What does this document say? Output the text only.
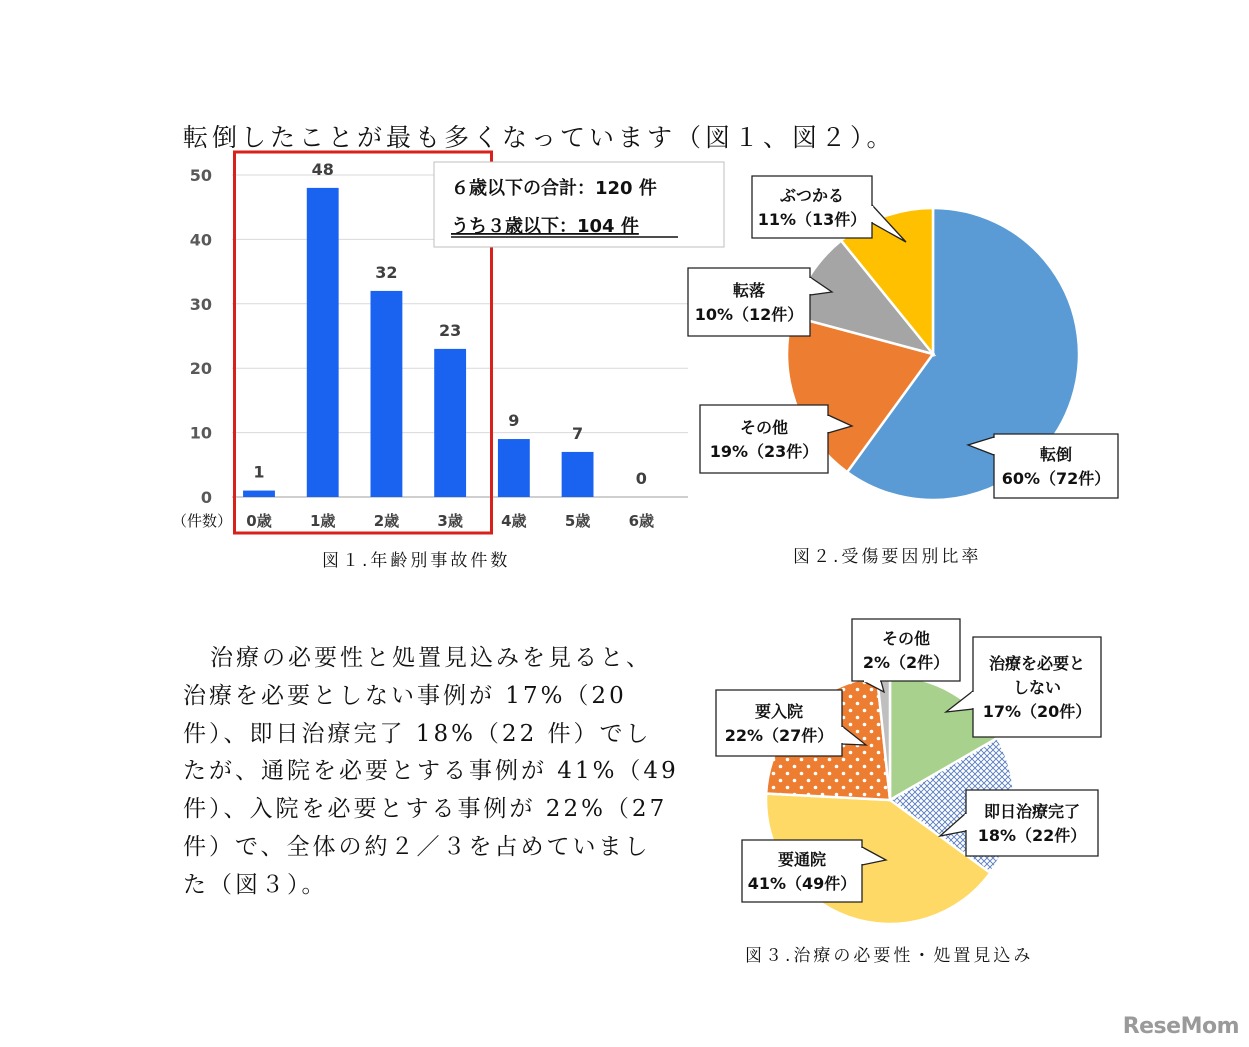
転倒したことが最も多くなっています（図１、図２）。
0
10
20
30
40
50
1
0歳
48
1歳
32
2歳
23
3歳
9
4歳
7
5歳
0
6歳
６歳以下の合計：120 件
うち３歳以下：104 件
（件数）
ぶつかる
11%（13件）
転落
10%（12件）
その他
19%（23件）	転倒
60%（72件）
その他
2%（2件） 治療を必要と
しない
17%（20件）
要入院
22%（27件）
即日治療完了
18%（22件）
要通院
41%（49件）
図１.年齢別事故件数	図２.受傷要因別比率
図３.治療の必要性・処置見込み
治療の必要性と処置見込みを見ると、
治療を必要としない事例が 17%（20
件）、即日治療完了 18%（22 件）でし
たが、通院を必要とする事例が 41%（49
件）、入院を必要とする事例が 22%（27
件）で、全体の約２／３を占めていまし
た（図３）。
ReseMom
